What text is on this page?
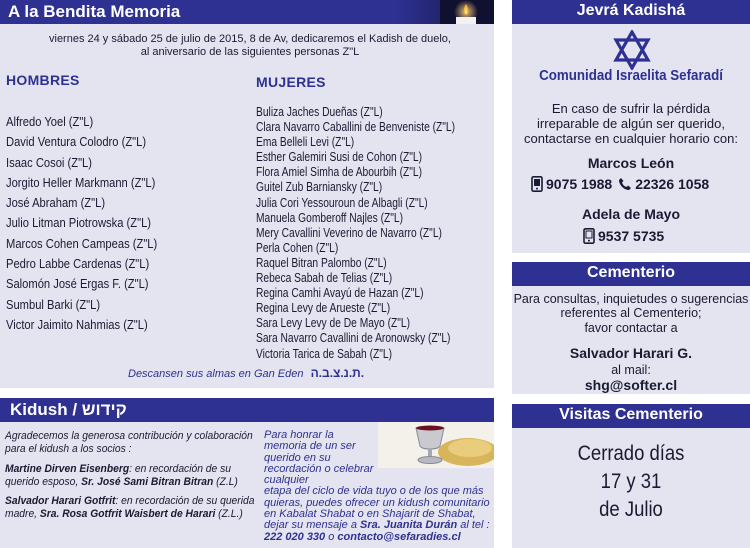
A la Bendita Memoria
viernes 24 y sábado 25 de julio de 2015, 8 de Av, dedicaremos el Kadish de duelo,
al aniversario de las siguientes personas Z"L
HOMBRES	MUJERES
Alfredo Yoel (Z"L)
David Ventura Colodro (Z"L)
Isaac Cosoi (Z"L)
Jorgito Heller Markmann (Z"L)
José Abraham (Z"L)
Julio Litman Piotrowska (Z"L)
Marcos Cohen Campeas (Z"L)
Pedro Labbe Cardenas (Z"L)
Salomón José Ergas F. (Z"L)
Sumbul Barki (Z"L)
Victor Jaimito Nahmias (Z"L)
Buliza Jaches Dueñas (Z"L)
Clara Navarro Caballini de Benveniste (Z"L)
Ema Belleli Levi (Z"L)
Esther Galemiri Susi de Cohon (Z"L)
Flora Amiel Simha de Abourbih (Z"L)
Guitel Zub Barniansky (Z"L)
Julia Cori Yessouroun de Albagli (Z"L)
Manuela Gomberoff Najles (Z"L)
Mery Cavallini Veverino de Navarro (Z"L)
Perla Cohen (Z"L)
Raquel Bitran Palombo (Z"L)
Rebeca Sabah de Telias (Z"L)
Regina Camhi Avayú de Hazan (Z"L)
Regina Levy de Arueste (Z"L)
Sara Levy Levy de De Mayo (Z"L)
Sara Navarro Cavallini de Aronowsky (Z"L)
Victoria Tarica de Sabah (Z"L)
Descansen sus almas en Gan Eden ת.נ.צ.ב.ה.
Kidush / קידוש

Agradecemos la generosa contribución y colaboración para el kidush a los socios :

Martine Dirven Eisenberg: en recordación de su querido esposo, Sr. José Sami Bitran Bitran (Z.L)

Salvador Harari Gotfrit: en recordación de su querida madre, Sra. Rosa Gotfrit Waisbert de Harari (Z.L.)

Para honrar la memoria de un ser querido en su recordación o celebrar cualquier
etapa del ciclo de vida tuyo o de los que más quieras, puedes ofrecer un kidush comunitario en Kabalat Shabat o en Shajarit de Shabat, dejar su mensaje a Sra. Juanita Durán al tel : 222 020 330 o contacto@sefaradies.cl
Jevrá Kadishá
Comunidad Israelita Sefaradí
En caso de sufrir la pérdida
irreparable de algún ser querido,
contactarse en cualquier horario con:
Marcos León
9075 1988 22326 1058
Adela de Mayo
9537 5735
Cementerio
Para consultas, inquietudes o sugerencias
referentes al Cementerio;
favor contactar a
Salvador Harari G.
al mail:
shg@softer.cl
Visitas Cementerio
Cerrado días
17 y 31
de Julio
